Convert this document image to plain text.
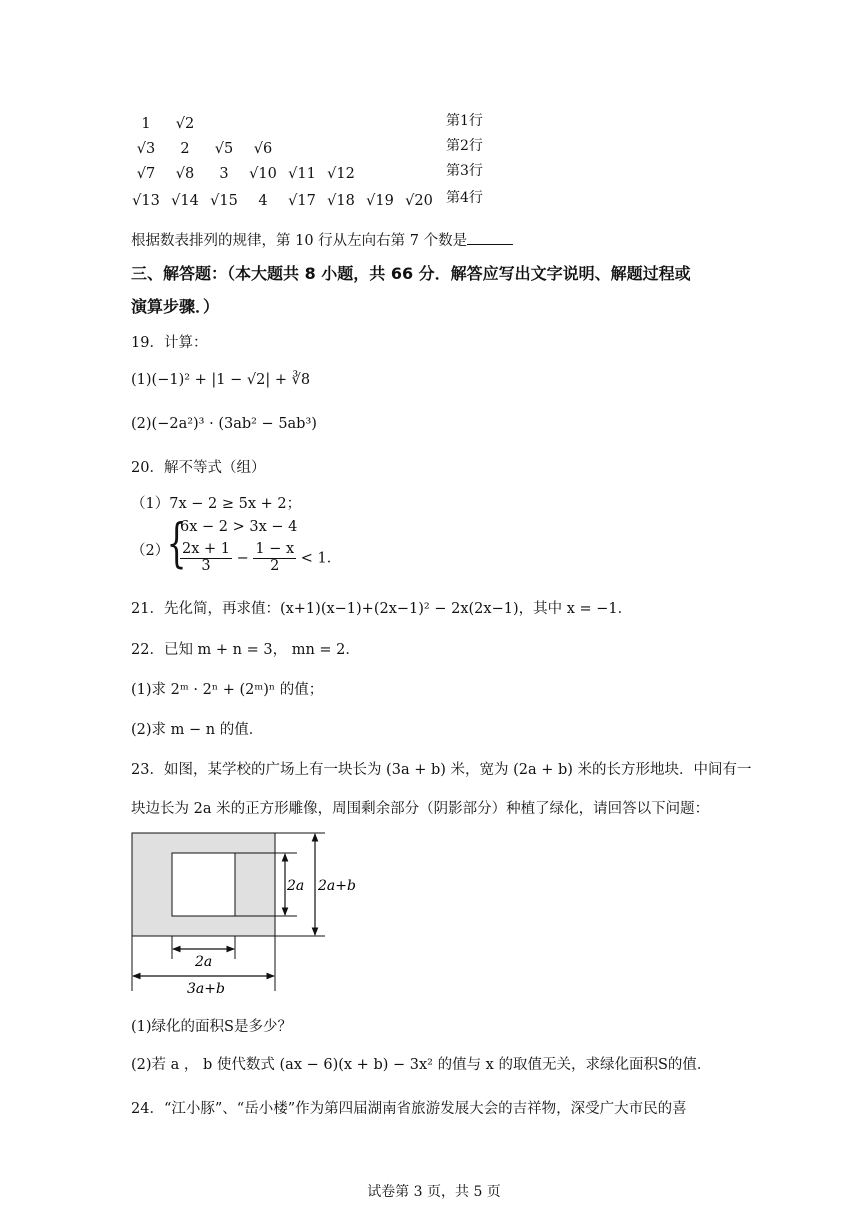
1	√2	第1行
√3	2	√5	√6	第2行
√7	√8	3	√10 √11 √12	第3行
√13 √14 √15	4	√17 √18 √19 √20 第4行
根据数表排列的规律，第 10 行从左向右第 7 个数是
三、解答题：（本大题共 8 小题，共 66 分．解答应写出文字说明、解题过程或
演算步骤．）
19．计算：
(1)(−1)² + |1 − √2| + ∛8
(2)(−2a²)³ · (3ab² − 5ab³)
20．解不等式（组）
（1）7x − 2 ≥ 5x + 2；
（2）
{
6x − 2 > 3x − 4
$\frac{2x + 1}{3} - \frac{1 - x}{2} < 1$．
21．先化简，再求值：(x+1)(x−1)+(2x−1)² − 2x(2x−1)，其中 x = −1．
22．已知 m + n = 3， mn = 2．
(1)求 2ᵐ · 2ⁿ + (2ᵐ)ⁿ 的值；
(2)求 m − n 的值．
23．如图，某学校的广场上有一块长为 (3a + b) 米，宽为 (2a + b) 米的长方形地块．中间有一
块边长为 2a 米的正方形雕像，周围剩余部分（阴影部分）种植了绿化，请回答以下问题：
2a 2a+b
2a
3a+b
(1)绿化的面积S是多少？
(2)若 a ， b 使代数式 (ax − 6)(x + b) − 3x² 的值与 x 的取值无关，求绿化面积S的值．
24．“江小豚”、“岳小楼”作为第四届湖南省旅游发展大会的吉祥物，深受广大市民的喜
试卷第 3 页，共 5 页
